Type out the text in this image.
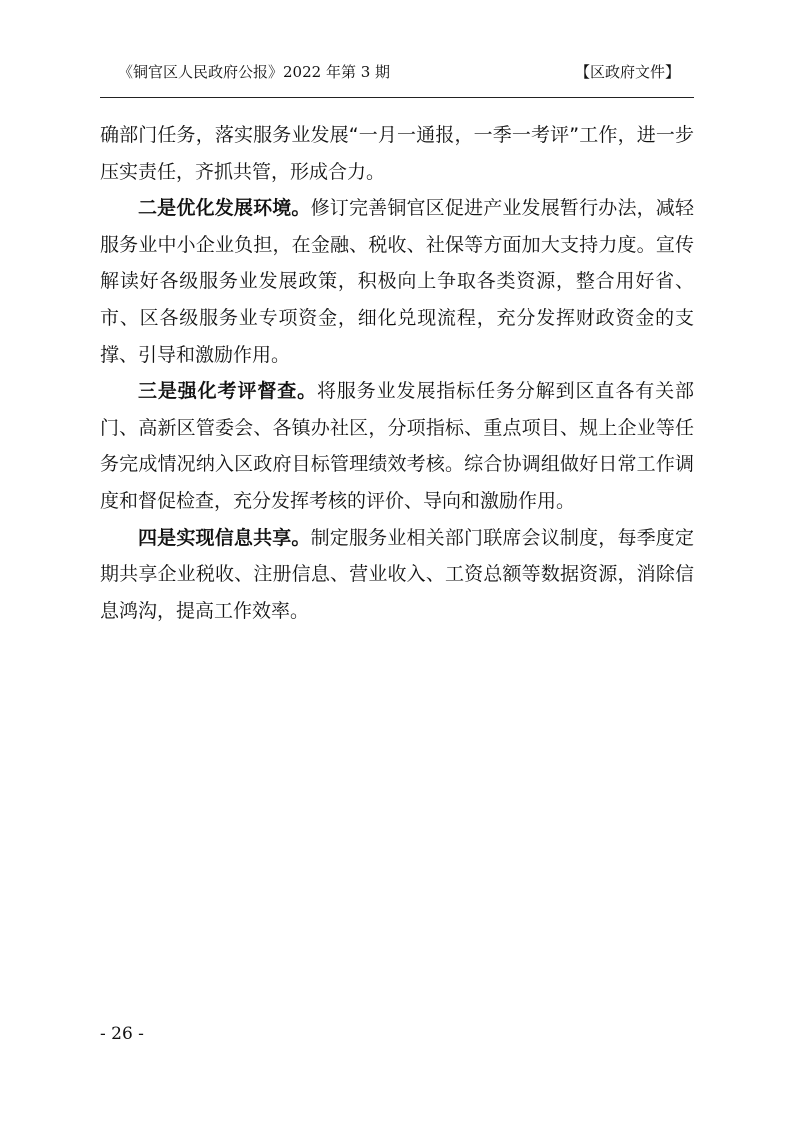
《铜官区人民政府公报》2022 年第 3 期	【区政府文件】

确部门任务，落实服务业发展“一月一通报，一季一考评”工作，进一步压实责任，齐抓共管，形成合力。

二是优化发展环境。修订完善铜官区促进产业发展暂行办法，减轻服务业中小企业负担，在金融、税收、社保等方面加大支持力度。宣传解读好各级服务业发展政策，积极向上争取各类资源，整合用好省、市、区各级服务业专项资金，细化兑现流程，充分发挥财政资金的支撑、引导和激励作用。

三是强化考评督查。将服务业发展指标任务分解到区直各有关部门、高新区管委会、各镇办社区，分项指标、重点项目、规上企业等任务完成情况纳入区政府目标管理绩效考核。综合协调组做好日常工作调度和督促检查，充分发挥考核的评价、导向和激励作用。

四是实现信息共享。制定服务业相关部门联席会议制度，每季度定期共享企业税收、注册信息、营业收入、工资总额等数据资源，消除信息鸿沟，提高工作效率。

- 26 -
